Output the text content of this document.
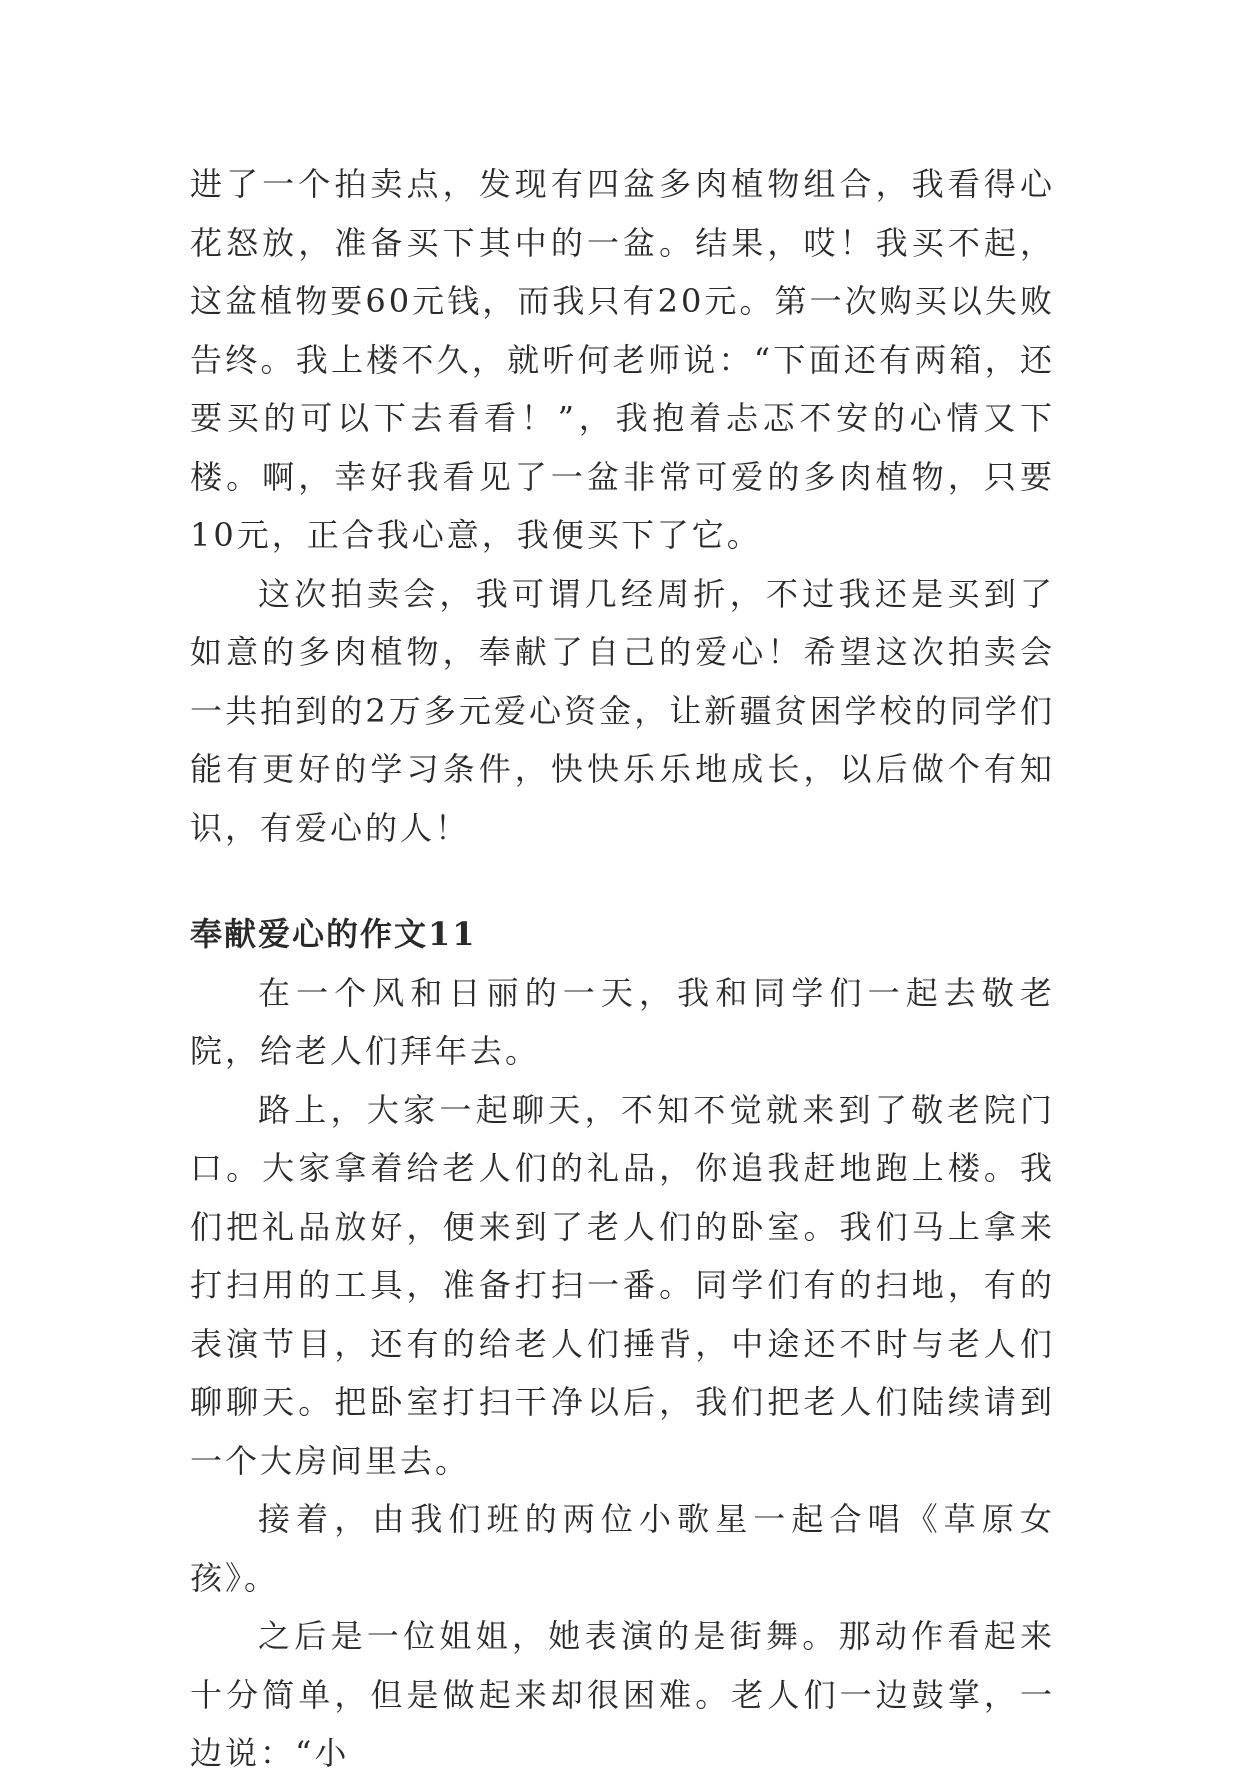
进了一个拍卖点，发现有四盆多肉植物组合，我看得心花怒放，准备买下其中的一盆。结果，哎！我买不起，这盆植物要60元钱，而我只有20元。第一次购买以失败告终。我上楼不久，就听何老师说：“下面还有两箱，还要买的可以下去看看！”，我抱着忐忑不安的心情又下楼。啊，幸好我看见了一盆非常可爱的多肉植物，只要10元，正合我心意，我便买下了它。

这次拍卖会，我可谓几经周折，不过我还是买到了如意的多肉植物，奉献了自己的爱心！希望这次拍卖会一共拍到的2万多元爱心资金，让新疆贫困学校的同学们能有更好的学习条件，快快乐乐地成长，以后做个有知识，有爱心的人！

奉献爱心的作文11

在一个风和日丽的一天，我和同学们一起去敬老院，给老人们拜年去。

路上，大家一起聊天，不知不觉就来到了敬老院门口。大家拿着给老人们的礼品，你追我赶地跑上楼。我们把礼品放好，便来到了老人们的卧室。我们马上拿来打扫用的工具，准备打扫一番。同学们有的扫地，有的表演节目，还有的给老人们捶背，中途还不时与老人们聊聊天。把卧室打扫干净以后，我们把老人们陆续请到一个大房间里去。

接着，由我们班的两位小歌星一起合唱《草原女孩》。

之后是一位姐姐，她表演的是街舞。那动作看起来十分简单，但是做起来却很困难。老人们一边鼓掌，一边说：“小
